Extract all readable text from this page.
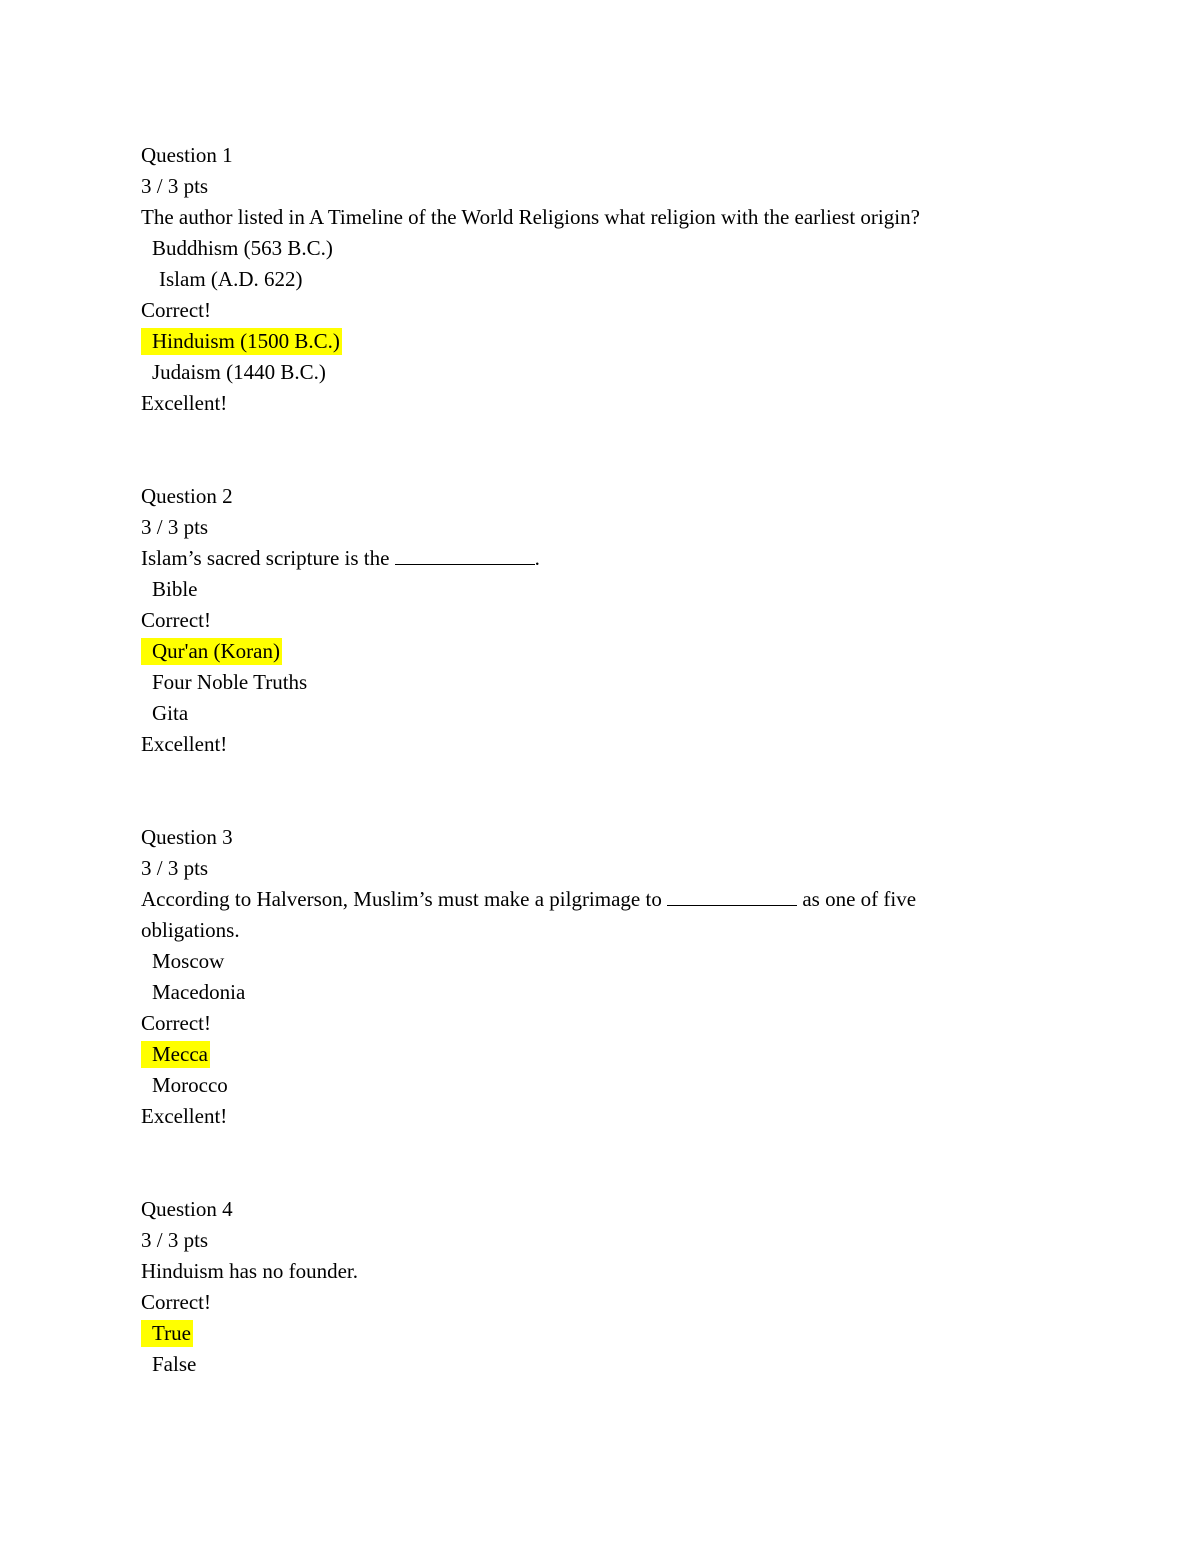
Question 1
3 / 3 pts
The author listed in A Timeline of the World Religions what religion with the earliest origin?
Buddhism (563 B.C.)
Islam (A.D. 622)
Correct!
Hinduism (1500 B.C.)
Judaism (1440 B.C.)
Excellent!
Question 2
3 / 3 pts
Islam’s sacred scripture is the	.
Bible
Correct!
Qur'an (Koran)
Four Noble Truths
Gita
Excellent!
Question 3
3 / 3 pts
According to Halverson, Muslim’s must make a pilgrimage to	as one of five obligations.
Moscow
Macedonia
Correct!
Mecca
Morocco
Excellent!
Question 4
3 / 3 pts
Hinduism has no founder.
Correct!
True
False
